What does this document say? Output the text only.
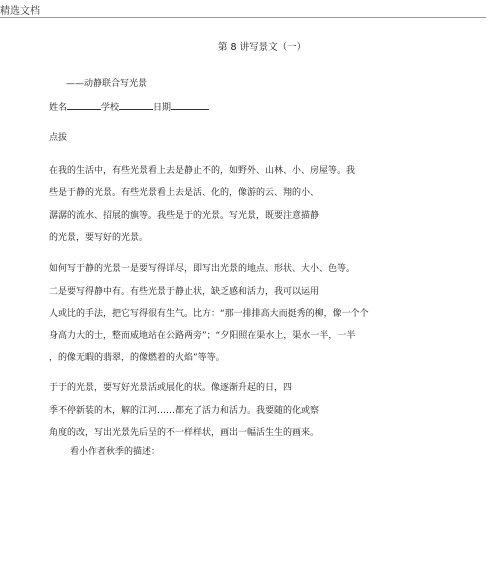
精选文档
第 8 讲写景文（一）
——动静联合写光景
姓名	学校	日期
点拔
在我的生活中，有些光景看上去是静止不的，如野外、山林、小、房屋等。我
些是于静的光景。有些光景看上去是活、化的，像游的云、翔的小、
潺潺的流水、招展的旗等。我些是于的光景。写光景，既要注意描静
的光景，要写好的光景。
如何写于静的光景一是要写得详尽，即写出光景的地点、形状、大小、色等。
二是要写得静中有。有些光景于静止状，缺乏感和活力，我可以运用
人或比的手法，把它写得很有生气。比方：“那一排排高大而挺秀的柳，像一个个
身高力大的士，整而威地站在公路两旁”；“夕阳照在渠水上，渠水一半，一半
，的像无暇的翡翠，的像燃着的火焰”等等。
于于的光景，要写好光景活或展化的状。像逐渐升起的日，四
季不停新装的木，解的江河……都充了活力和活力。我要随的化或察
角度的改，写出光景先后呈的不一样样状，画出一幅活生生的画来。
看小作者秋季的描述：
